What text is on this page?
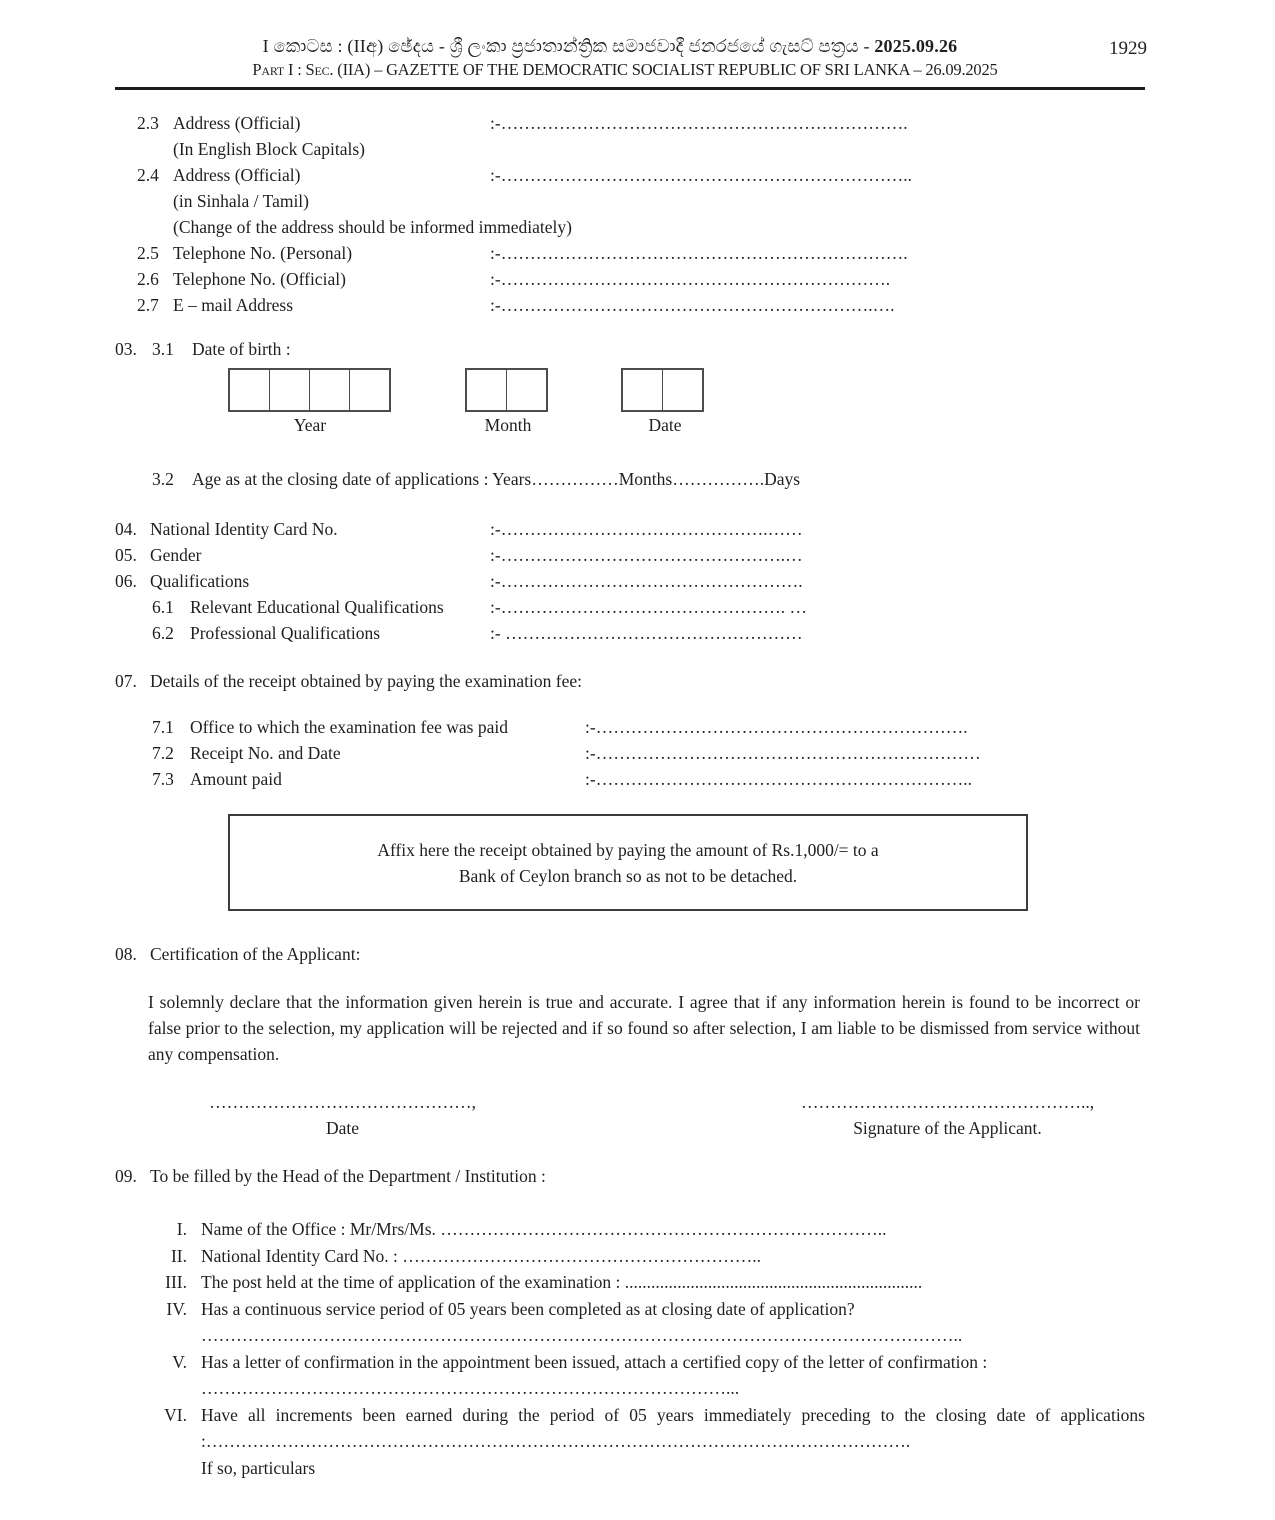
I කොටස : (IIඅ) ඡේදය - ශ්‍රී ලංකා ප්‍රජාතාන්ත්‍රික සමාජවාදී ජනරජයේ ගැසට් පත්‍රය - 2025.09.26	1929
Part I : Sec. (IIA) – GAZETTE OF THE DEMOCRATIC SOCIALIST REPUBLIC OF SRI LANKA – 26.09.2025
2.3 Address (Official)	:-…………………………………………………………….
(In English Block Capitals)
2.4 Address (Official)	:-……………………………………………………………..
(in Sinhala / Tamil)
(Change of the address should be informed immediately)
2.5 Telephone No. (Personal)	:-…………………………………………………………….
2.6 Telephone No. (Official)	:-………………………………………………………….
2.7 E – mail Address	:-……………………………………………………….….
03. 3.1	Date of birth :
Year	Month	Date
3.2	Age as at the closing date of applications : Years……………Months…………….Days
04. National Identity Card No.	:-……………………………………….……
05. Gender	:-………………………………………….…
06. Qualifications	:-…………………………………………….
6.1 Relevant Educational Qualifications	:-…………………………………………. …
6.2 Professional Qualifications	:- ……………………………………………
07. Details of the receipt obtained by paying the examination fee:
7.1 Office to which the examination fee was paid	:-……………………………………………………….
7.2 Receipt No. and Date	:-…………………………………………………………
7.3 Amount paid	:-………………………………………………………..
Affix here the receipt obtained by paying the amount of Rs.1,000/= to a
Bank of Ceylon branch so as not to be detached.
08. Certification of the Applicant:
I solemnly declare that the information given herein is true and accurate. I agree that if any information herein is found to be incorrect or false prior to the selection, my application will be rejected and if so found so after selection, I am liable to be dismissed from service without any compensation.
………………………………………,	…………………………………………..,
Date	Signature of the Applicant.
09. To be filled by the Head of the Department / Institution :
I. Name of the Office : Mr/Mrs/Ms. …………………………………………………………………..
II. National Identity Card No. : ……………………………………………………..
III. The post held at the time of application of the examination : ....................................................................
IV. Has a continuous service period of 05 years been completed as at closing date of application?
…………………………………………………………………………………………………………………..
V. Has a letter of confirmation in the appointment been issued, attach a certified copy of the letter of confirmation :
………………………………………………………………………………...
VI. Have all increments been earned during the period of 05 years immediately preceding to the closing date of applications :………………………………………………………………………………………………………….
If so, particulars
